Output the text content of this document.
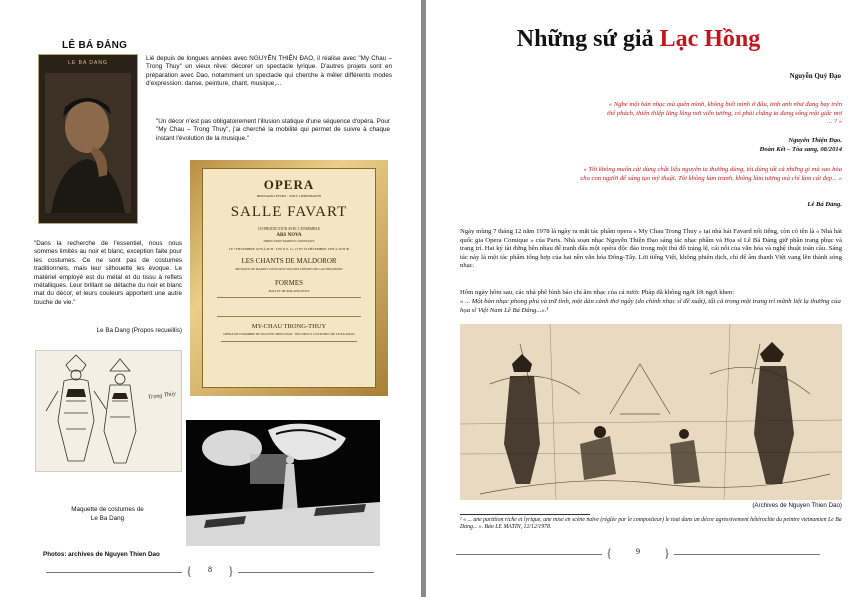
LÊ BÁ ĐẢNG
LE BA DANG
Lié depuis de longues années avec NGUYỄN THIỆN ĐẠO, il réalise avec "My Chau – Trong Thuy" un vieux rêve: décorer un spectacle lyrique. D'autres projets sont en préparation avec Dao, notamment un spectacle qui cherche à mêler différents modes d'expression: danse, peinture, chant, musique,...
"Un décor n'est pas obligatoirement l'illusion statique d'une séquence d'opéra. Pour "My Chau – Trong Thuy", j'ai cherché la mobilité qui permet de suivre à chaque instant l'évolution de la musique."
OPERA
BERNARD LEFORT · ROLF LIEBERMANN
SALLE FAVART
CO-PRODUCTION AVEC L'ENSEMBLE
ARS NOVA
DIRECTION MARIUS CONSTANT
LE 7 DÉCEMBRE 1978 À 20 H · LES 8, 9, 11, 15 ET 16 DÉCEMBRE 1978 À 20 H 30
LES CHANTS DE MALDOROR
MUSIQUE DE MARIUS CONSTANT SUR DES POÈMES DE LAUTRÉAMONT
FORMES
BALLET DE ROLAND PETIT
MY-CHAU TRONG-THUY
OPÉRA DE CHAMBRE DE NGUYEN THIEN DAO · DÉCORS ET COSTUMES DE LE BA DANG
"Dans la recherche de l'essentiel, nous nous sommes limités au noir et blanc, exception faite pour les costumes. Ce ne sont pas de costumes traditionnels, mais leur silhouette les évoque. Le matériel employé est du métal et du tissu à reflets métalliques. Leur brillant se détache du noir et blanc mat du décor, et leurs couleurs apportent une autre touche de vie."
Le Ba Dang (Propos recueillis)
Trọng Thủy
Maquette de costumes de
Le Ba Dang
Photos: archives de Nguyen Thien Dao
{	8	}
Những sứ giả Lạc Hồng
Nguyễn Quý Đạo
« Nghe một bản nhạc mà quên mình, không biết mình ở đâu, tinh anh như đang bay trên thế phách, thiên thiệp lãng lãng nơi viễn tưởng, có phải chăng ta đang sống một giấc mơ ... ? »
Nguyễn Thiện Đạo.
Đoàn Kết – Tòa sang, 08/2014
« Tôi không muốn cái dùng chất liệu nguyên ta thường dùng, tôi dùng tất cả những gì mà sao hòa cho con người để sáng tạo mỹ thuật. Tôi không làm tranh, không làm tượng mà chỉ làm cái đẹp... »
Lê Bá Đảng.
Ngày mùng 7 tháng 12 năm 1978 là ngày ra mắt tác phẩm opera « My Chau Trong Thuy » tại nhà hát Favard nổi tiếng, còn có tên là « Nhà hát quốc gia Opera Comique » của Paris. Nhà soạn nhạc Nguyễn Thiện Đạo sáng tác nhạc phẩm và Họa sĩ Lê Bá Đảng giữ phần trang phục và trang trí. Hai ký tài đứng bên nhau để tranh đấu một opéra độc đáo trong một thủ đô tráng lệ, cái nôi của văn hóa và nghệ thuật toàn cầu. Sáng tác này là một tác phẩm tổng hợp của hai nền văn hóa Đông-Tây. Lời tiếng Việt, không phiên dịch, chỉ để âm thanh Việt vang lên thành sóng nhạc.
Hôm ngày hôm sau, các nhà phê bình báo chí âm nhạc của cả nước Pháp đã không ngớt lời ngợi khen:
« ... Một bản nhạc phong phú và trữ tình, một dàn cảnh thơ ngây (do chính nhạc sĩ đề xuất), tất cả trong một trang trí mãnh liệt lạ thường của họa sĩ Việt Nam Lê Bá Đảng...».¹
(Archives de Nguyen Thien Dao)
¹ « ... une partition riche et lyrique, une mise en scène naïve (réglée par le compositeur) le tout dans un décor agressivement hétéroclite du peintre vietnamien Le Ba Dang... ». Báo LE MATIN, 12/12/1978.
{	9	}
